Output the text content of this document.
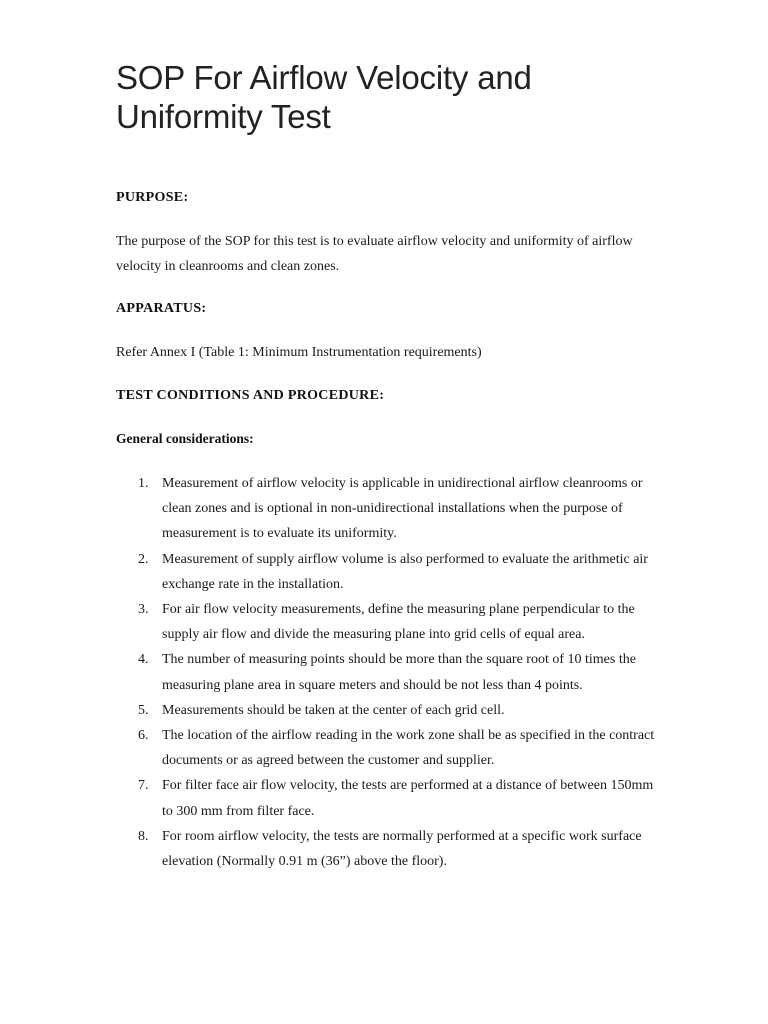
SOP For Airflow Velocity and Uniformity Test
PURPOSE:

The purpose of the SOP for this test is to evaluate airflow velocity and uniformity of airflow velocity in cleanrooms and clean zones.

APPARATUS:

Refer Annex I (Table 1: Minimum Instrumentation requirements)

TEST CONDITIONS AND PROCEDURE:
General considerations:
1. Measurement of airflow velocity is applicable in unidirectional airflow cleanrooms or clean zones and is optional in non-unidirectional installations when the purpose of measurement is to evaluate its uniformity.
2. Measurement of supply airflow volume is also performed to evaluate the arithmetic air exchange rate in the installation.
3. For air flow velocity measurements, define the measuring plane perpendicular to the supply air flow and divide the measuring plane into grid cells of equal area.
4. The number of measuring points should be more than the square root of 10 times the measuring plane area in square meters and should be not less than 4 points.
5. Measurements should be taken at the center of each grid cell.
6. The location of the airflow reading in the work zone shall be as specified in the contract documents or as agreed between the customer and supplier.
7. For filter face air flow velocity, the tests are performed at a distance of between 150mm to 300 mm from filter face.
8. For room airflow velocity, the tests are normally performed at a specific work surface elevation (Normally 0.91 m (36”) above the floor).
